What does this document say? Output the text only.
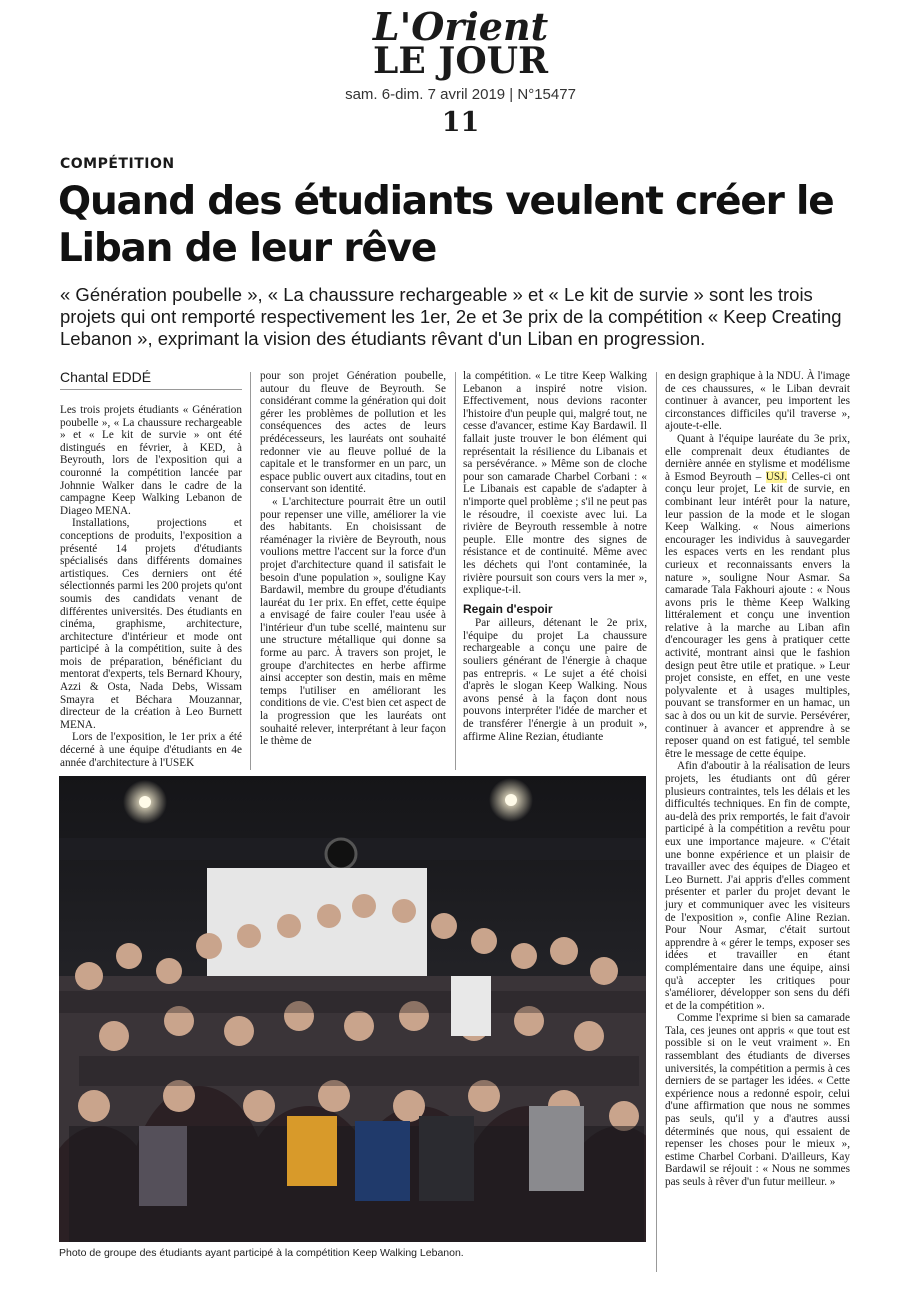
L'Orient
LE JOUR
sam. 6-dim. 7 avril 2019 | N°15477
11
COMPÉTITION
Quand des étudiants veulent créer le Liban de leur rêve
« Génération poubelle », « La chaussure rechargeable » et « Le kit de survie » sont les trois projets qui ont remporté respectivement les 1er, 2e et 3e prix de la compétition « Keep Creating Lebanon », exprimant la vision des étudiants rêvant d'un Liban en progression.
Chantal EDDÉ

Les trois projets étudiants « Génération poubelle », « La chaussure rechargeable » et « Le kit de survie » ont été distingués en février, à KED, à Beyrouth, lors de l'exposition qui a couronné la compétition lancée par Johnnie Walker dans le cadre de la campagne Keep Walking Lebanon de Diageo MENA.

Installations, projections et conceptions de produits, l'exposition a présenté 14 projets d'étudiants spécialisés dans différents domaines artistiques. Ces derniers ont été sélectionnés parmi les 200 projets qu'ont soumis des candidats venant de différentes universités. Des étudiants en cinéma, graphisme, architecture, architecture d'intérieur et mode ont participé à la compétition, suite à des mois de préparation, bénéficiant du mentorat d'experts, tels Bernard Khoury, Azzi & Osta, Nada Debs, Wissam Smayra et Béchara Mouzannar, directeur de la création à Leo Burnett MENA.

Lors de l'exposition, le 1er prix a été décerné à une équipe d'étudiants en 4e année d'architecture à l'USEK

pour son projet Génération poubelle, autour du fleuve de Beyrouth. Se considérant comme la génération qui doit gérer les problèmes de pollution et les conséquences des actes de leurs prédécesseurs, les lauréats ont souhaité redonner vie au fleuve pollué de la capitale et le transformer en un parc, un espace public ouvert aux citadins, tout en conservant son identité.

« L'architecture pourrait être un outil pour repenser une ville, améliorer la vie des habitants. En choisissant de réaménager la rivière de Beyrouth, nous voulions mettre l'accent sur la force d'un projet d'architecture quand il satisfait le besoin d'une population », souligne Kay Bardawil, membre du groupe d'étudiants lauréat du 1er prix. En effet, cette équipe a envisagé de faire couler l'eau usée à l'intérieur d'un tube scellé, maintenu sur une structure métallique qui donne sa forme au parc. À travers son projet, le groupe d'architectes en herbe affirme ainsi accepter son destin, mais en même temps l'utiliser en améliorant les conditions de vie. C'est bien cet aspect de la progression que les lauréats ont souhaité relever, interprétant à leur façon le thème de

la compétition. « Le titre Keep Walking Lebanon a inspiré notre vision. Effectivement, nous devions raconter l'histoire d'un peuple qui, malgré tout, ne cesse d'avancer, estime Kay Bardawil. Il fallait juste trouver le bon élément qui représentait la résilience du Libanais et sa persévérance. » Même son de cloche pour son camarade Charbel Corbani : « Le Libanais est capable de s'adapter à n'importe quel problème ; s'il ne peut pas le résoudre, il coexiste avec lui. La rivière de Beyrouth ressemble à notre peuple. Elle montre des signes de résistance et de continuité. Même avec les déchets qui l'ont contaminée, la rivière poursuit son cours vers la mer », explique-t-il.

Regain d'espoir

Par ailleurs, détenant le 2e prix, l'équipe du projet La chaussure rechargeable a conçu une paire de souliers générant de l'énergie à chaque pas entrepris. « Le sujet a été choisi d'après le slogan Keep Walking. Nous avons pensé à la façon dont nous pouvons interpréter l'idée de marcher et de transférer l'énergie à un produit », affirme Aline Rezian, étudiante

en design graphique à la NDU. À l'image de ces chaussures, « le Liban devrait continuer à avancer, peu importent les circonstances difficiles qu'il traverse », ajoute-t-elle.

Quant à l'équipe lauréate du 3e prix, elle comprenait deux étudiantes de dernière année en stylisme et modélisme à Esmod Beyrouth – USJ. Celles-ci ont conçu leur projet, Le kit de survie, en combinant leur intérêt pour la nature, leur passion de la mode et le slogan Keep Walking. « Nous aimerions encourager les individus à sauvegarder les espaces verts en les rendant plus curieux et reconnaissants envers la nature », souligne Nour Asmar. Sa camarade Tala Fakhouri ajoute : « Nous avons pris le thème Keep Walking littéralement et conçu une invention relative à la marche au Liban afin d'encourager les gens à pratiquer cette activité, montrant ainsi que le fashion design peut être utile et pratique. » Leur projet consiste, en effet, en une veste polyvalente et à usages multiples, pouvant se transformer en un hamac, un sac à dos ou un kit de survie. Persévérer, continuer à avancer et apprendre à se reposer quand on est fatigué, tel semble être le message de cette équipe.

Afin d'aboutir à la réalisation de leurs projets, les étudiants ont dû gérer plusieurs contraintes, tels les délais et les difficultés techniques. En fin de compte, au-delà des prix remportés, le fait d'avoir participé à la compétition a revêtu pour eux une importance majeure. « C'était une bonne expérience et un plaisir de travailler avec des équipes de Diageo et Leo Burnett. J'ai appris d'elles comment présenter et parler du projet devant le jury et communiquer avec les visiteurs de l'exposition », confie Aline Rezian. Pour Nour Asmar, c'était surtout apprendre à « gérer le temps, exposer ses idées et travailler en étant complémentaire dans une équipe, ainsi qu'à accepter les critiques pour s'améliorer, développer son sens du défi et de la compétition ».

Comme l'exprime si bien sa camarade Tala, ces jeunes ont appris « que tout est possible si on le veut vraiment ». En rassemblant des étudiants de diverses universités, la compétition a permis à ces derniers de se partager les idées. « Cette expérience nous a redonné espoir, celui d'une affirmation que nous ne sommes pas seuls, qu'il y a d'autres aussi déterminés que nous, qui essaient de repenser les choses pour le mieux », estime Charbel Corbani. D'ailleurs, Kay Bardawil se réjouit : « Nous ne sommes pas seuls à rêver d'un futur meilleur. »

Photo de groupe des étudiants ayant participé à la compétition Keep Walking Lebanon.
